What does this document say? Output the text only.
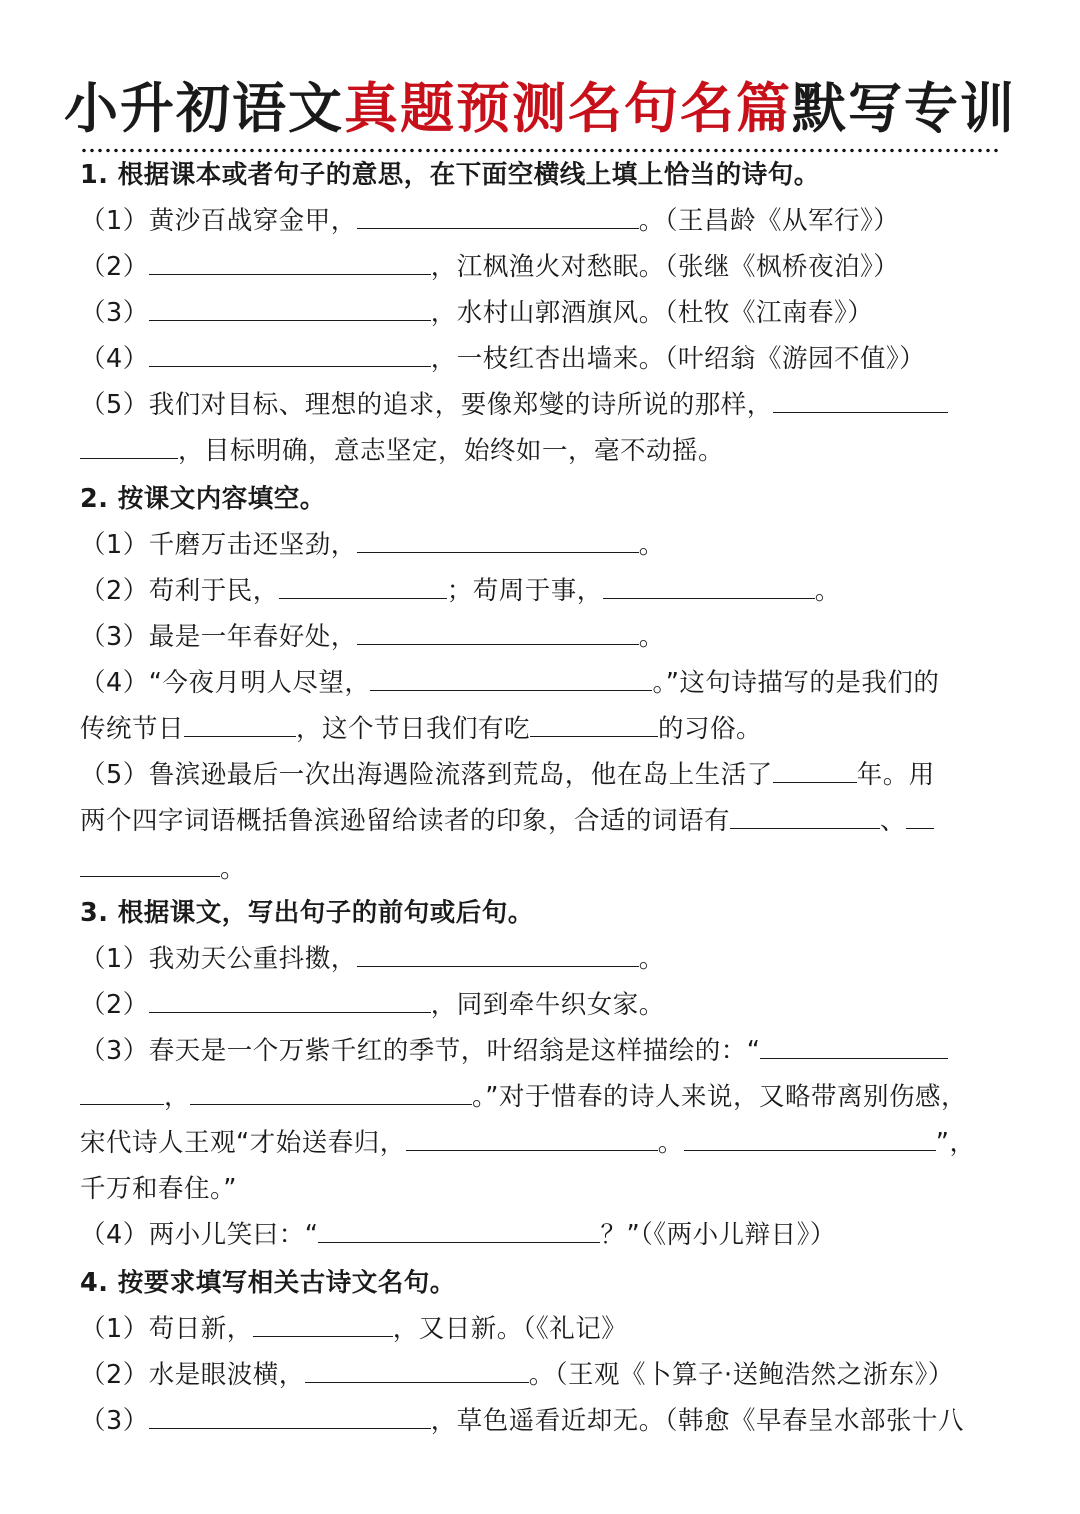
小升初语文真题预测名句名篇默写专训
1. 根据课本或者句子的意思，在下面空横线上填上恰当的诗句。
（1）黄沙百战穿金甲，	。（王昌龄《从军行》）
（2）	，江枫渔火对愁眠。（张继《枫桥夜泊》）
（3）	，水村山郭酒旗风。（杜牧《江南春》）
（4）	，一枝红杏出墙来。（叶绍翁《游园不值》）
（5）我们对目标、理想的追求，要像郑燮的诗所说的那样，
，目标明确，意志坚定，始终如一，毫不动摇。
2. 按课文内容填空。
（1）千磨万击还坚劲，	。
（2）苟利于民，	；苟周于事，	。
（3）最是一年春好处，	。
（4）“今夜月明人尽望，	。”这句诗描写的是我们的
传统节日	，这个节日我们有吃	的习俗。
（5）鲁滨逊最后一次出海遇险流落到荒岛，他在岛上生活了	年。用
两个四字词语概括鲁滨逊留给读者的印象，合适的词语有	、
。
3. 根据课文，写出句子的前句或后句。
（1）我劝天公重抖擞，	。
（2）	，同到牵牛织女家。
（3）春天是一个万紫千红的季节，叶绍翁是这样描绘的：“
，	。”对于惜春的诗人来说，又略带离别伤感，
宋代诗人王观“才始送春归，	。	”，
千万和春住。”
（4）两小儿笑曰：“	？”（《两小儿辩日》）
4. 按要求填写相关古诗文名句。
（1）苟日新，	，又日新。（《礼记》
（2）水是眼波横，	。（王观《卜算子·送鲍浩然之浙东》）
（3）	，草色遥看近却无。（韩愈《早春呈水部张十八
